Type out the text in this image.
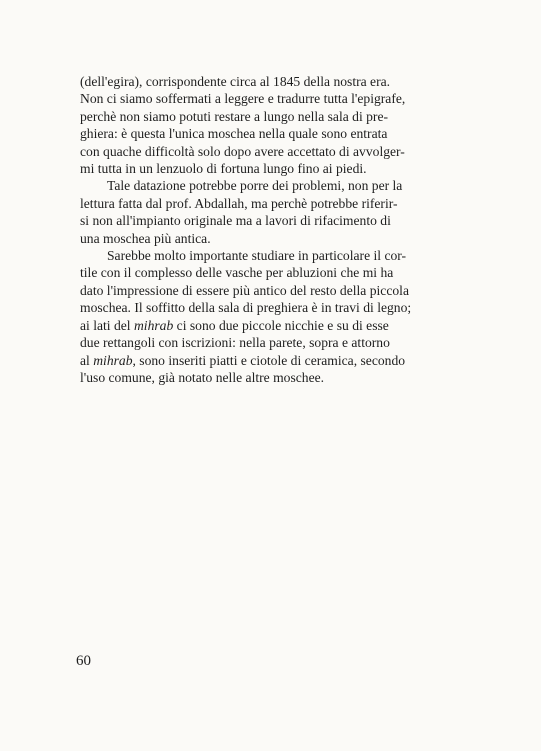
(dell'egira), corrispondente circa al 1845 della nostra era.
Non ci siamo soffermati a leggere e tradurre tutta l'epigrafe,
perchè non siamo potuti restare a lungo nella sala di pre-
ghiera: è questa l'unica moschea nella quale sono entrata
con quache difficoltà solo dopo avere accettato di avvolger-
mi tutta in un lenzuolo di fortuna lungo fino ai piedi.

Tale datazione potrebbe porre dei problemi, non per la
lettura fatta dal prof. Abdallah, ma perchè potrebbe riferir-
si non all'impianto originale ma a lavori di rifacimento di
una moschea più antica.

Sarebbe molto importante studiare in particolare il cor-
tile con il complesso delle vasche per abluzioni che mi ha
dato l'impressione di essere più antico del resto della piccola
moschea. Il soffitto della sala di preghiera è in travi di legno;
ai lati del mihrab ci sono due piccole nicchie e su di esse
due rettangoli con iscrizioni: nella parete, sopra e attorno
al mihrab, sono inseriti piatti e ciotole di ceramica, secondo
l'uso comune, già notato nelle altre moschee.

60
